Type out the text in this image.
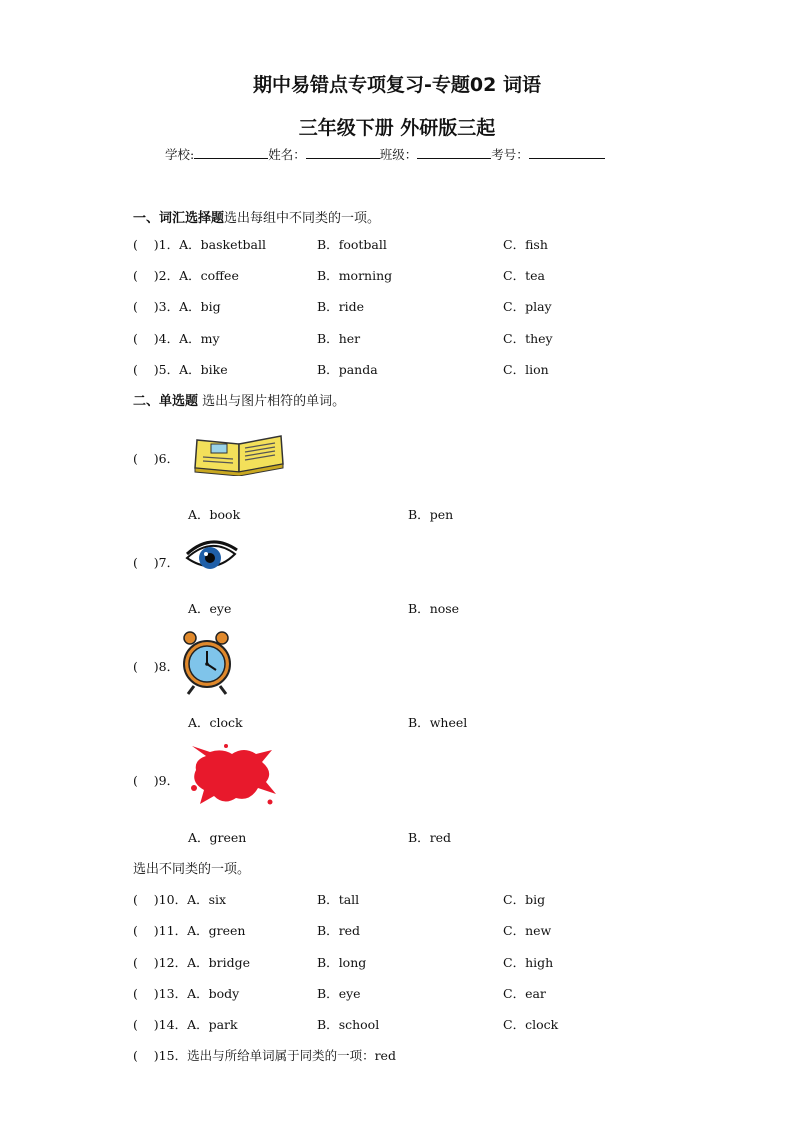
期中易错点专项复习-专题02 词语
三年级下册 外研版三起
学校:	姓名：	班级：	考号：
一、词汇选择题选出每组中不同类的一项。
(    )1．A．basketball	B．football	C．fish
(    )2．A．coffee	B．morning	C．tea
(    )3．A．big	B．ride	C．play
(    )4．A．my	B．her	C．they
(    )5．A．bike	B．panda	C．lion
二、单选题 选出与图片相符的单词。
(    )6．
A．book	B．pen
(    )7．
A．eye	B．nose
(    )8．
A．clock	B．wheel
(    )9．
A．green	B．red
选出不同类的一项。
(    )10．A．six	B．tall	C．big
(    )11．A．green	B．red	C．new
(    )12．A．bridge	B．long	C．high
(    )13．A．body	B．eye	C．ear
(    )14．A．park	B．school	C．clock
(    )15．选出与所给单词属于同类的一项：red
